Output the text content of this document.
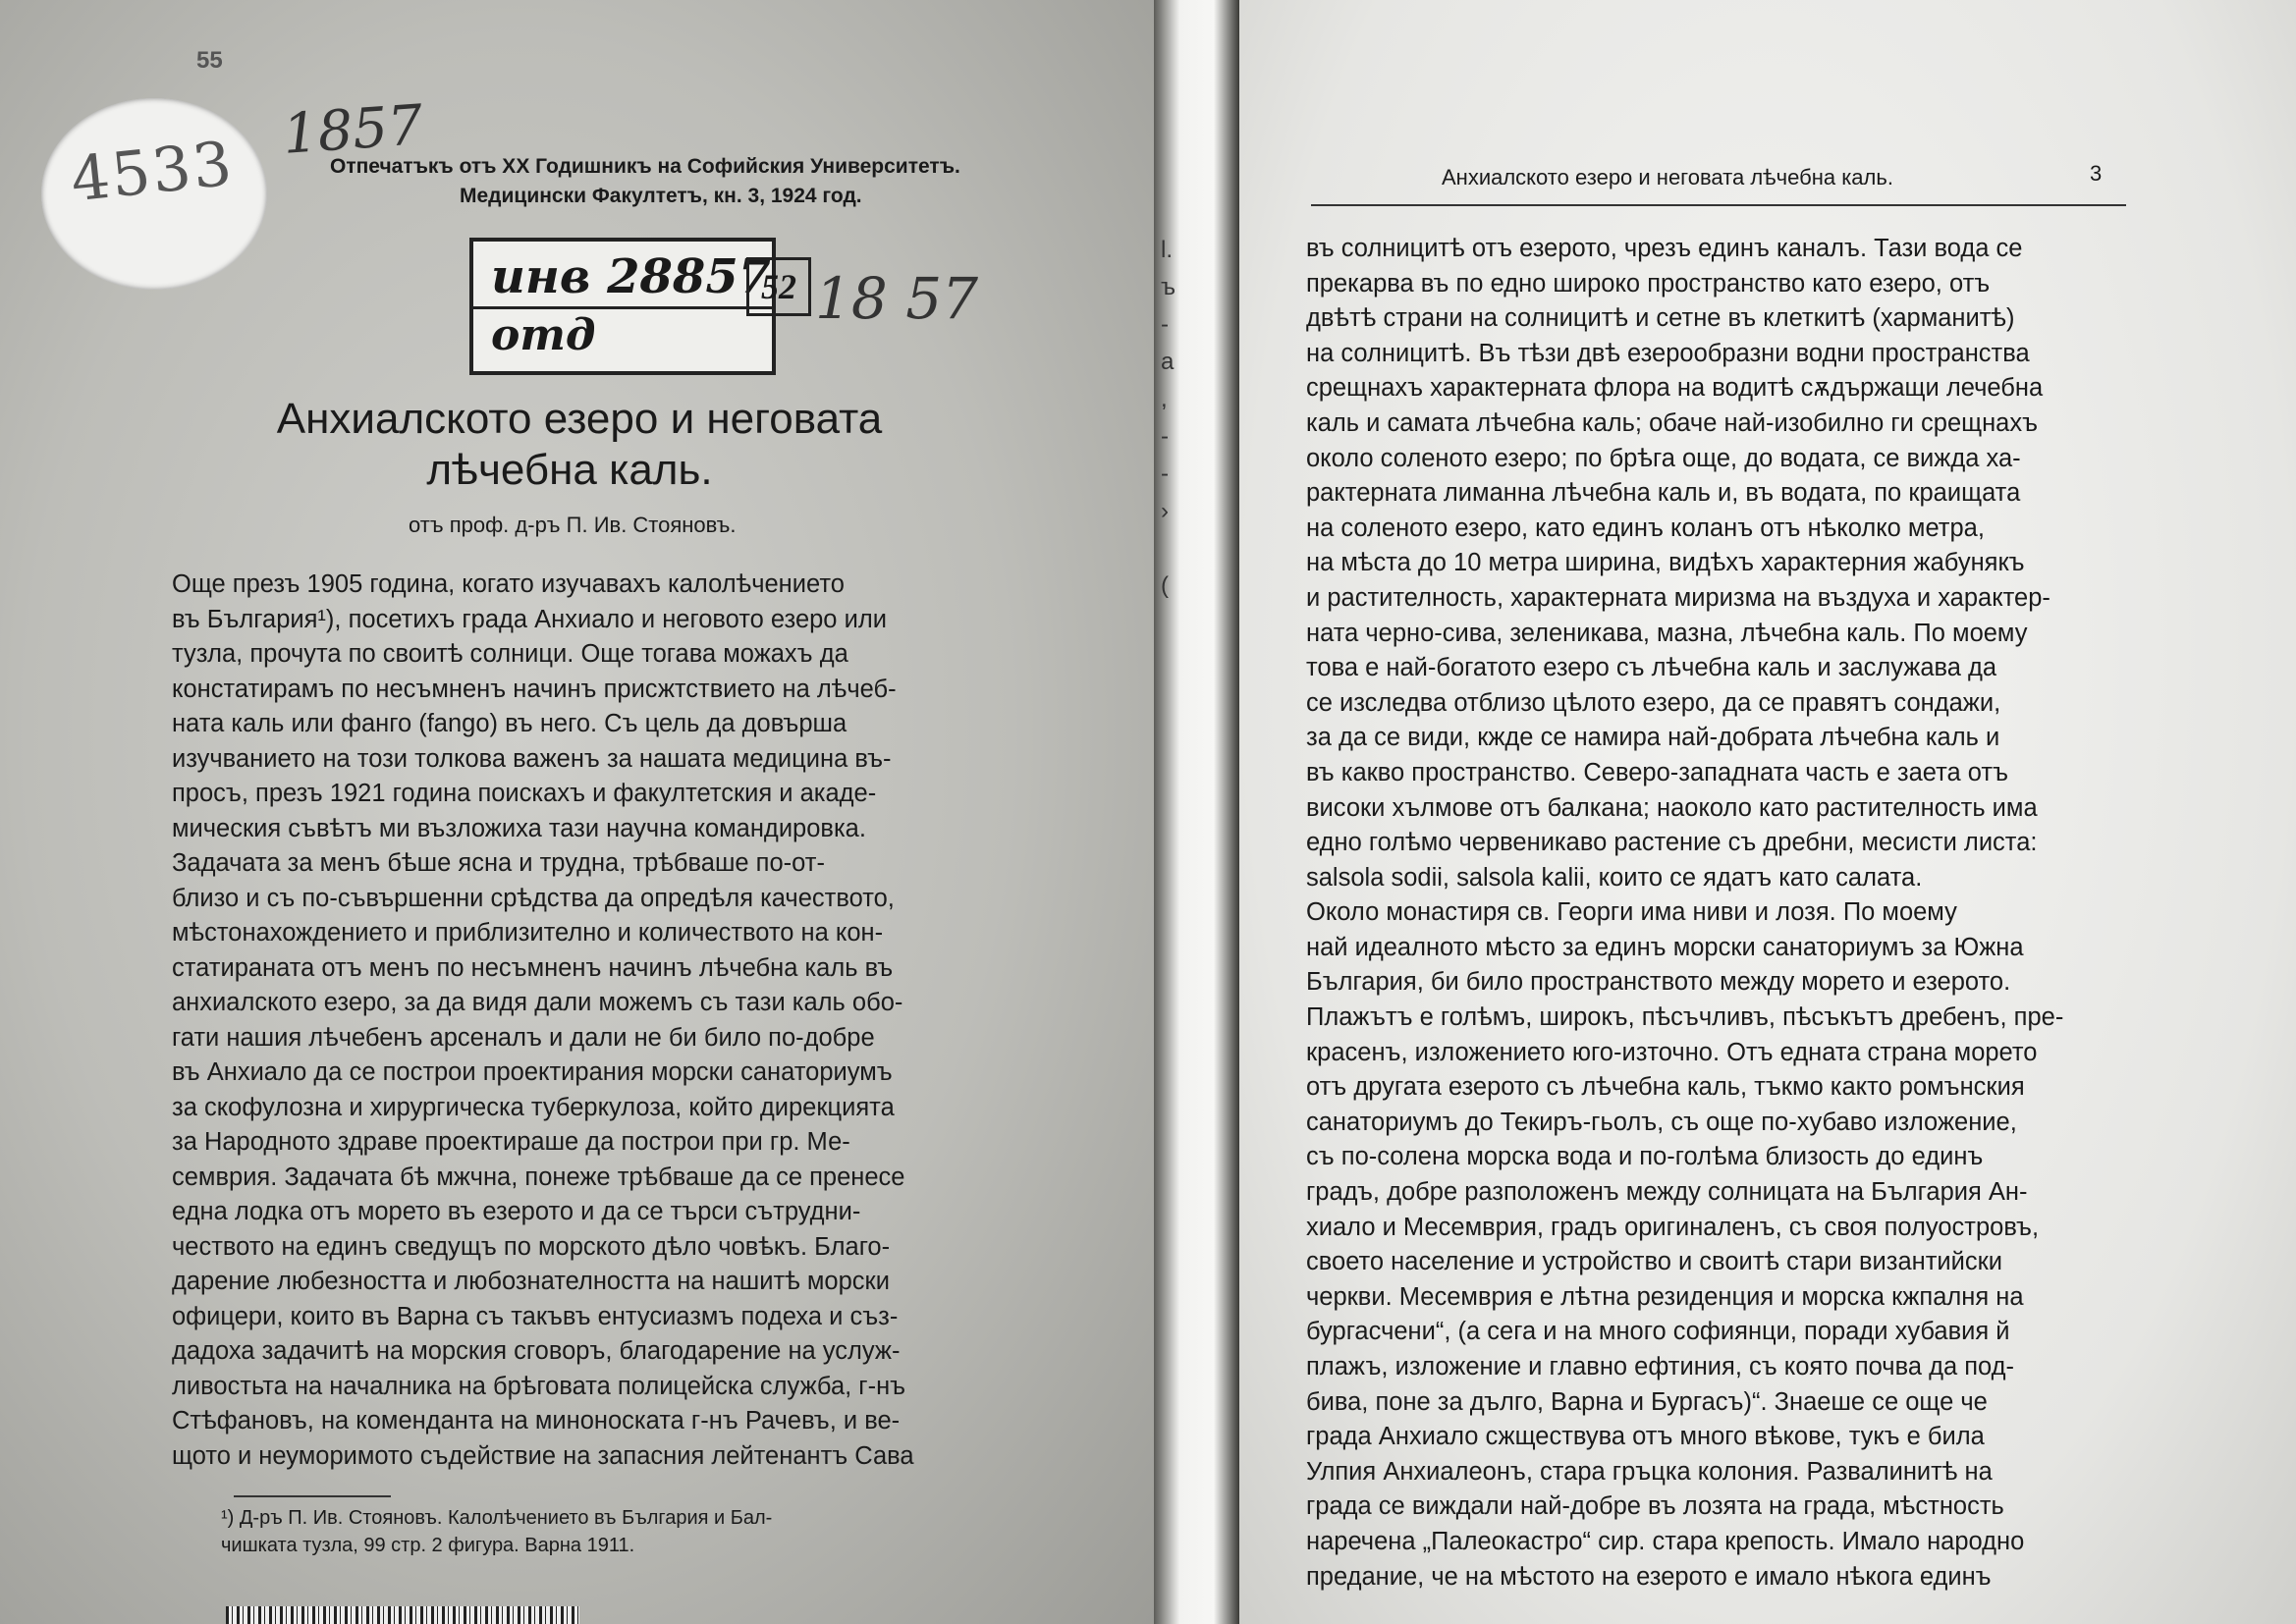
55
4533 1857
Отпечатъкъ отъ XX Годишникъ на Софийския Университетъ.
Медицински Факултетъ, кн. 3, 1924 год.
инв 28857
отд
52 18 57
Анхиалското езеро и неговата
лѣчебна каль.
отъ проф. д-ръ П. Ив. Стояновъ.
Още презъ 1905 година, когато изучавахъ калолѣчението
въ България¹), посетихъ града Анхиало и неговото езеро или
тузла, прочута по своитѣ солници. Още тогава можахъ да
констатирамъ по несъмненъ начинъ присжтствието на лѣчеб-
ната каль или фанго (fango) въ него. Съ цель да довърша
изучванието на този толкова важенъ за нашата медицина въ-
просъ, презъ 1921 година поискахъ и факултетския и акаде-
мическия съвѣтъ ми възложиха тази научна командировка.
Задачата за менъ бѣше ясна и трудна, трѣбваше по-от-
близо и съ по-съвършенни срѣдства да опредѣля качеството,
мѣстонахождението и приблизително и количеството на кон-
статираната отъ менъ по несъмненъ начинъ лѣчебна каль въ
анхиалското езеро, за да видя дали можемъ съ тази каль обо-
гати нашия лѣчебенъ арсеналъ и дали не би било по-добре
въ Анхиало да се построи проектирания морски санаториумъ
за скофулозна и хирургическа туберкулоза, който дирекцията
за Народното здраве проектираше да построи при гр. Ме-
семврия. Задачата бѣ мжчна, понеже трѣбваше да се пренесе
една лодка отъ морето въ езерото и да се търси сътрудни-
чеството на единъ сведущъ по морското дѣло човѣкъ. Благо-
дарение любезността и любознателността на нашитѣ морски
офицери, които въ Варна съ такъвъ ентусиазмъ подеха и съз-
дадоха задачитѣ на морския сговоръ, благодарение на услуж-
ливостьта на началника на брѣговата полицейска служба, г-нъ
Стѣфановъ, на коменданта на миноноската г-нъ Рачевъ, и ве-
щото и неуморимото съдействие на запасния лейтенантъ Сава
¹) Д-ръ П. Ив. Стояновъ. Калолѣчението въ България и Бал-
чишката тузла, 99 стр. 2 фигура. Варна 1911.
l.
ъ
-
а
,
-
-
›

(
Анхиалското езеро и неговата лѣчебна каль.	3
въ солницитѣ отъ езерото, чрезъ единъ каналъ. Тази вода се
прекарва въ по едно широко пространство като езеро, отъ
двѣтѣ страни на солницитѣ и сетне въ клеткитѣ (харманитѣ)
на солницитѣ. Въ тѣзи двѣ езерообразни водни пространства
срещнахъ характерната флора на водитѣ сѫдържащи лечебна
каль и самата лѣчебна каль; обаче най-изобилно ги срещнахъ
около соленото езеро; по брѣга още, до водата, се вижда ха-
рактерната лиманна лѣчебна каль и, въ водата, по краищата
на соленото езеро, като единъ коланъ отъ нѣколко метра,
на мѣста до 10 метра ширина, видѣхъ характерния жабунякъ
и растителность, характерната миризма на въздуха и характер-
ната черно-сива, зеленикава, мазна, лѣчебна каль. По моему
това е най-богатото езеро съ лѣчебна каль и заслужава да
се изследва отблизо цѣлото езеро, да се правятъ сондажи,
за да се види, кжде се намира най-добрата лѣчебна каль и
въ какво пространство. Северо-западната часть е заета отъ
високи хълмове отъ балкана; наоколо като растителность има
едно голѣмо червеникаво растение съ дребни, месисти листа:
salsola sodii, salsola kalii, които се ядатъ като салата.
Около монастиря св. Георги има ниви и лозя. По моему
най идеалното мѣсто за единъ морски санаториумъ за Южна
България, би било пространството между морето и езерото.
Плажътъ е голѣмъ, широкъ, пѣсъчливъ, пѣсъкътъ дребенъ, пре-
красенъ, изложението юго-източно. Отъ едната страна морето
отъ другата езерото съ лѣчебна каль, тъкмо както ромънския
санаториумъ до Текиръ-гьолъ, съ още по-хубаво изложение,
съ по-солена морска вода и по-голѣма близость до единъ
градъ, добре разположенъ между солницата на България Ан-
хиало и Месемврия, градъ оригиналенъ, съ своя полуостровъ,
своето население и устройство и своитѣ стари византийски
черкви. Месемврия е лѣтна резиденция и морска кжпалня на
бургасчени“, (а сега и на много софиянци, поради хубавия й
плажъ, изложение и главно ефтиния, съ която почва да под-
бива, поне за дълго, Варна и Бургасъ)“. Знаеше се още че
града Анхиало сжществува отъ много вѣкове, тукъ е била
Улпия Анхиалеонъ, стара гръцка колония. Развалинитѣ на
града се виждали най-добре въ лозята на града, мѣстность
наречена „Палеокастро“ сир. стара крепость. Имало народно
предание, че на мѣстото на езерото е имало нѣкога единъ
